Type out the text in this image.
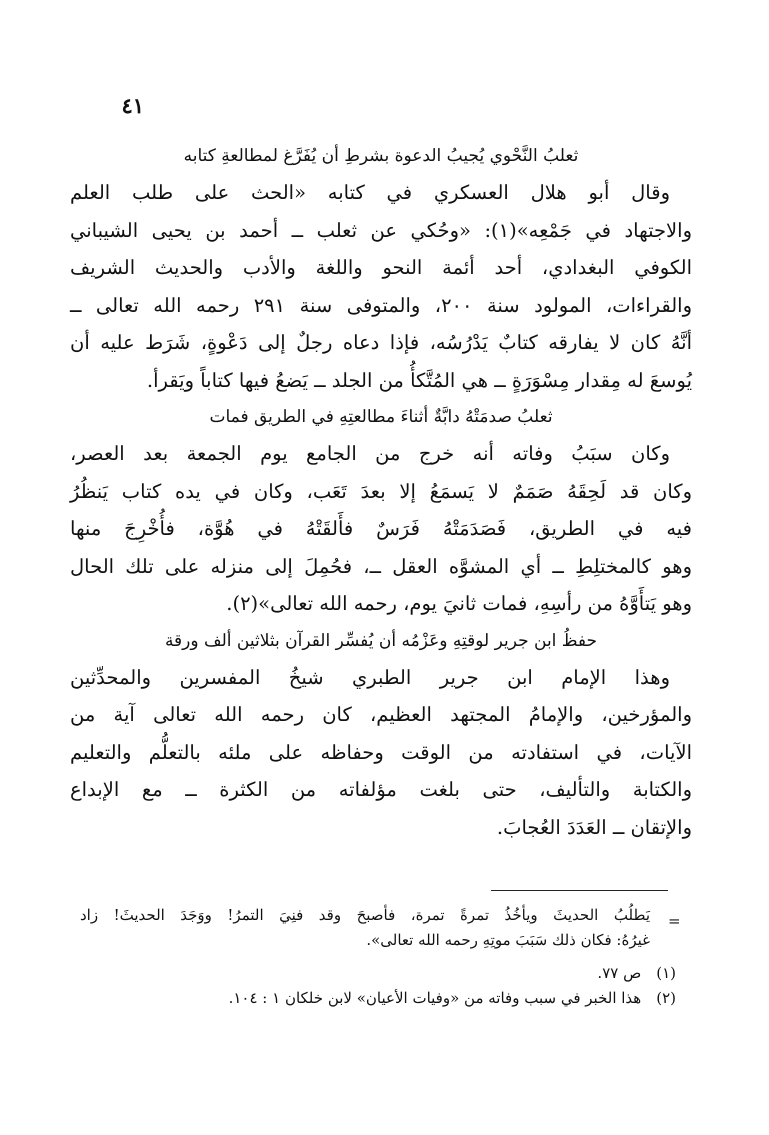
٤١

ثعلبُ النَّحْوي يُجيبُ الدعوة بشرطِ أن يُفَرَّغ لمطالعةِ كتابه

وقال أبو هلال العسكري في كتابه «الحث على طلب العلم

والاجتهاد في جَمْعِه»(١): «وحُكي عن ثعلب ــ أحمد بن يحيى الشيباني

الكوفي البغدادي، أحد أئمة النحو واللغة والأدب والحديث الشريف

والقراءات، المولود سنة ٢٠٠، والمتوفى سنة ٢٩١ رحمه الله تعالى ــ

أنَّهُ كان لا يفارقه كتابٌ يَدْرُسُه، فإذا دعاه رجلٌ إلى دَعْوةٍ، شَرَط عليه أن

يُوسعَ له مِقدار مِسْوَرَةٍ ــ هي المُتَّكأُ من الجلد ــ يَضعُ فيها كتاباً ويَقرأ.

ثعلبُ صدمَتْهُ دابَّةٌ أثناءَ مطالعتِهِ في الطريق فمات

وكان سبَبُ وفاته أنه خرج من الجامع يوم الجمعة بعد العصر،

وكان قد لَحِقَهُ صَمَمٌ لا يَسمَعُ إلا بعدَ تَعَب، وكان في يده كتاب يَنظُرُ

فيه في الطريق، فَصَدَمَتْهُ فَرَسٌ فأَلقَتْهُ في هُوَّة، فأُخْرِجَ منها

وهو كالمختلِطِ ــ أي المشوَّه العقل ــ، فحُمِلَ إلى منزله على تلك الحال

وهو يَتأَوَّهُ من رأسِهِ، فمات ثانيَ يوم، رحمه الله تعالى»(٢).

حفظُ ابن جرير لوقتِهِ وعَزْمُه أن يُفسِّر القرآن بثلاثين ألف ورقة

وهذا الإمام ابن جرير الطبري شيخُ المفسرين والمحدِّثين

والمؤرخين، والإمامُ المجتهد العظيم، كان رحمه الله تعالى آية من

الآيات، في استفادته من الوقت وحفاظه على ملئه بالتعلُّم والتعليم

والكتابة والتأليف، حتى بلغت مؤلفاته من الكثرة ــ مع الإبداع

والإتقان ــ العَدَدَ العُجابَ.

=

يَطلُبُ الحديثَ ويأخُذُ تمرةً تمرة، فأصبحَ وقد فنِيَ التمرُ! ووَجَدَ الحديثَ! زاد

غيرُهُ: فكان ذلك سَبَبَ موتِهِ رحمه الله تعالى».

(١) ص ٧٧.

(٢) هذا الخبر في سبب وفاته من «وفيات الأعيان» لابن خلكان ١ : ١٠٤.
